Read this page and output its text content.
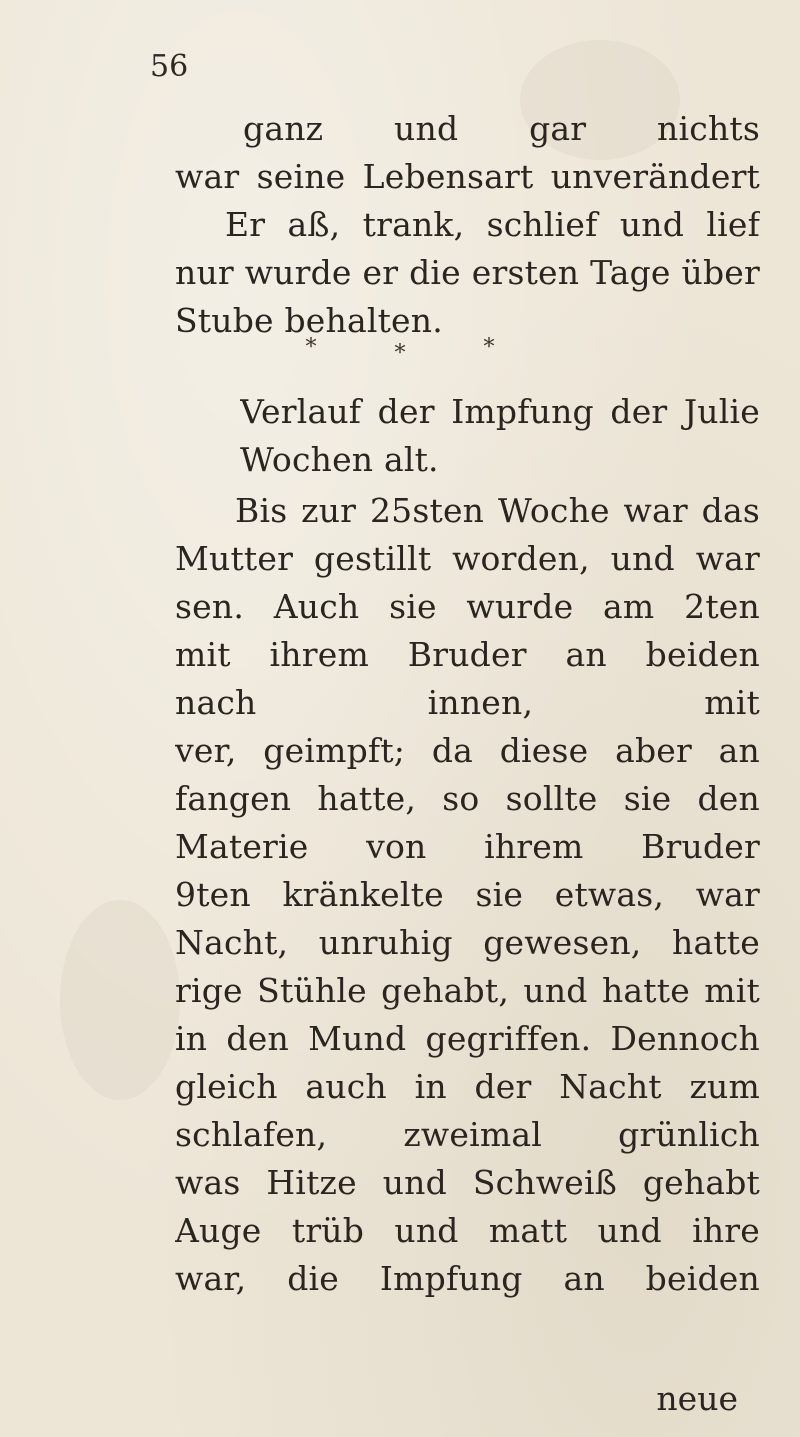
56
ganz und gar nichts
war seine Lebensart unverändert
Er aß, trank, schlief und lief
nur wurde er die ersten Tage über
Stube behalten.
*	*	*
Verlauf der Impfung der Julie
Wochen alt.
Bis zur 25sten Woche war das
Mutter gestillt worden, und war
sen. Auch sie wurde am 2ten
mit ihrem Bruder an beiden
nach innen, mit
ver, geimpft; da diese aber an
fangen hatte, so sollte sie den
Materie von ihrem Bruder
9ten kränkelte sie etwas, war
Nacht, unruhig gewesen, hatte
rige Stühle gehabt, und hatte mit
in den Mund gegriffen. Dennoch
gleich auch in der Nacht zum
schlafen, zweimal grünlich
was Hitze und Schweiß gehabt
Auge trüb und matt und ihre
war, die Impfung an beiden
neue
